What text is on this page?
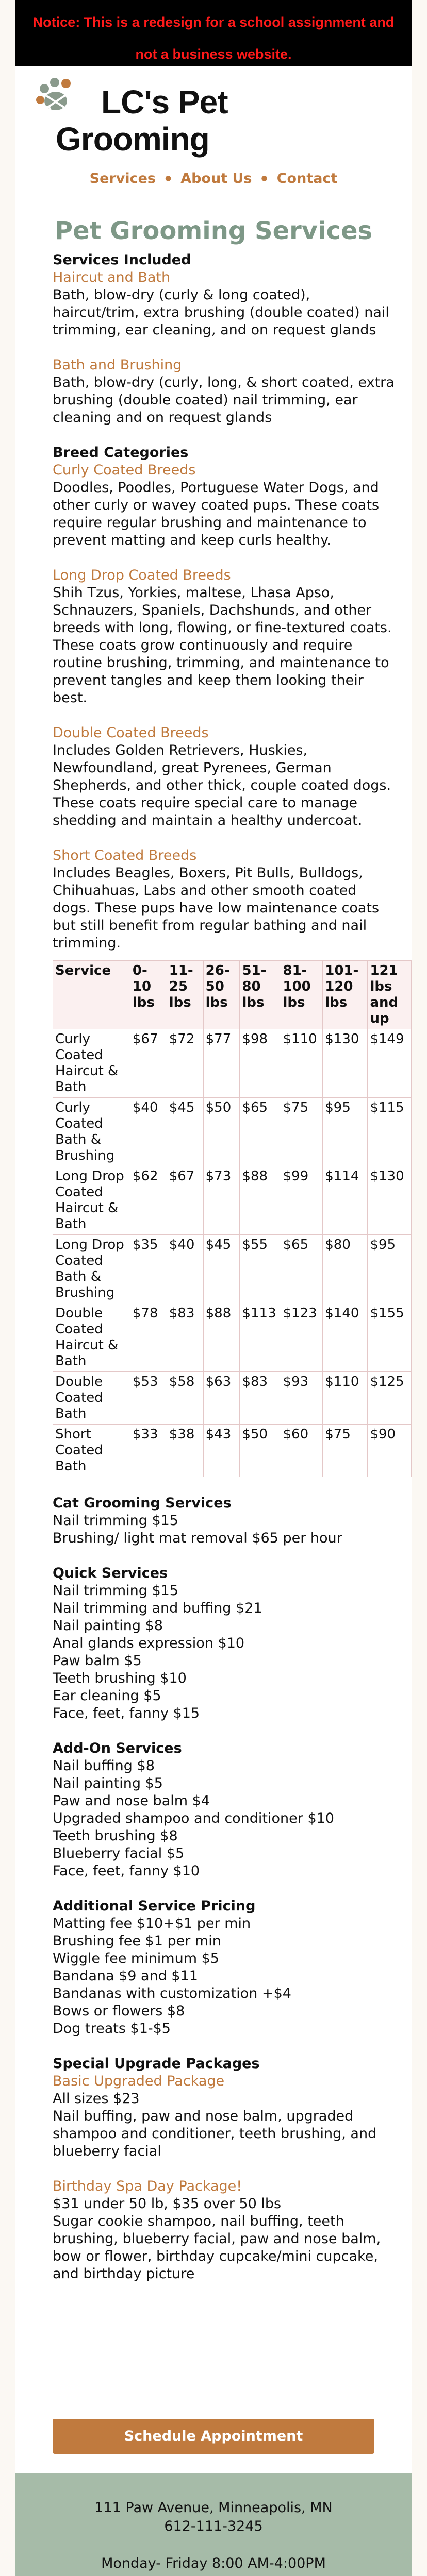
Notice: This is a redesign for a school assignment and not a business website.
LC's Pet
Grooming
Services ● About Us ● Contact
Pet Grooming Services
Services Included
Haircut and Bath
Bath, blow-dry (curly & long coated), haircut/trim, extra brushing (double coated) nail trimming, ear cleaning, and on request glands
Bath and Brushing
Bath, blow-dry (curly, long, & short coated, extra brushing (double coated) nail trimming, ear cleaning and on request glands
Breed Categories
Curly Coated Breeds
Doodles, Poodles, Portuguese Water Dogs, and other curly or wavey coated pups. These coats require regular brushing and maintenance to prevent matting and keep curls healthy.
Long Drop Coated Breeds
Shih Tzus, Yorkies, maltese, Lhasa Apso, Schnauzers, Spaniels, Dachshunds, and other breeds with long, flowing, or fine-textured coats.
These coats grow continuously and require routine brushing, trimming, and maintenance to prevent tangles and keep them looking their best.
Double Coated Breeds
Includes Golden Retrievers, Huskies, Newfoundland, great Pyrenees, German Shepherds, and other thick, couple coated dogs. These coats require special care to manage shedding and maintain a healthy undercoat.
Short Coated Breeds
Includes Beagles, Boxers, Pit Bulls, Bulldogs, Chihuahuas, Labs and other smooth coated dogs. These pups have low maintenance coats but still benefit from regular bathing and nail trimming.
Service	0-10 lbs	11-25 lbs	26-50 lbs	51-80 lbs	81-100 lbs	101-120 lbs	121 lbs and up
Curly Coated Haircut & Bath	$67	$72	$77	$98	$110	$130	$149
Curly Coated Bath & Brushing	$40	$45	$50	$65	$75	$95	$115
Long Drop Coated Haircut & Bath	$62	$67	$73	$88	$99	$114	$130
Long Drop Coated Bath & Brushing	$35	$40	$45	$55	$65	$80	$95
Double Coated Haircut & Bath	$78	$83	$88	$113	$123	$140	$155
Double Coated Bath	$53	$58	$63	$83	$93	$110	$125
Short Coated Bath	$33	$38	$43	$50	$60	$75	$90
Cat Grooming Services
Nail trimming $15
Brushing/ light mat removal $65 per hour
Quick Services
Nail trimming $15
Nail trimming and buffing $21
Nail painting $8
Anal glands expression $10
Paw balm $5
Teeth brushing $10
Ear cleaning $5
Face, feet, fanny $15
Add-On Services
Nail buffing $8
Nail painting $5
Paw and nose balm $4
Upgraded shampoo and conditioner $10
Teeth brushing $8
Blueberry facial $5
Face, feet, fanny $10
Additional Service Pricing
Matting fee $10+$1 per min
Brushing fee $1 per min
Wiggle fee minimum $5
Bandana $9 and $11
Bandanas with customization +$4
Bows or flowers $8
Dog treats $1-$5
Special Upgrade Packages
Basic Upgraded Package
All sizes $23
Nail buffing, paw and nose balm, upgraded shampoo and conditioner, teeth brushing, and blueberry facial
Birthday Spa Day Package!
$31 under 50 lb, $35 over 50 lbs
Sugar cookie shampoo, nail buffing, teeth brushing, blueberry facial, paw and nose balm, bow or flower, birthday cupcake/mini cupcake, and birthday picture
Schedule Appointment
111 Paw Avenue, Minneapolis, MN
612-111-3245
Monday- Friday 8:00 AM-4:00PM
